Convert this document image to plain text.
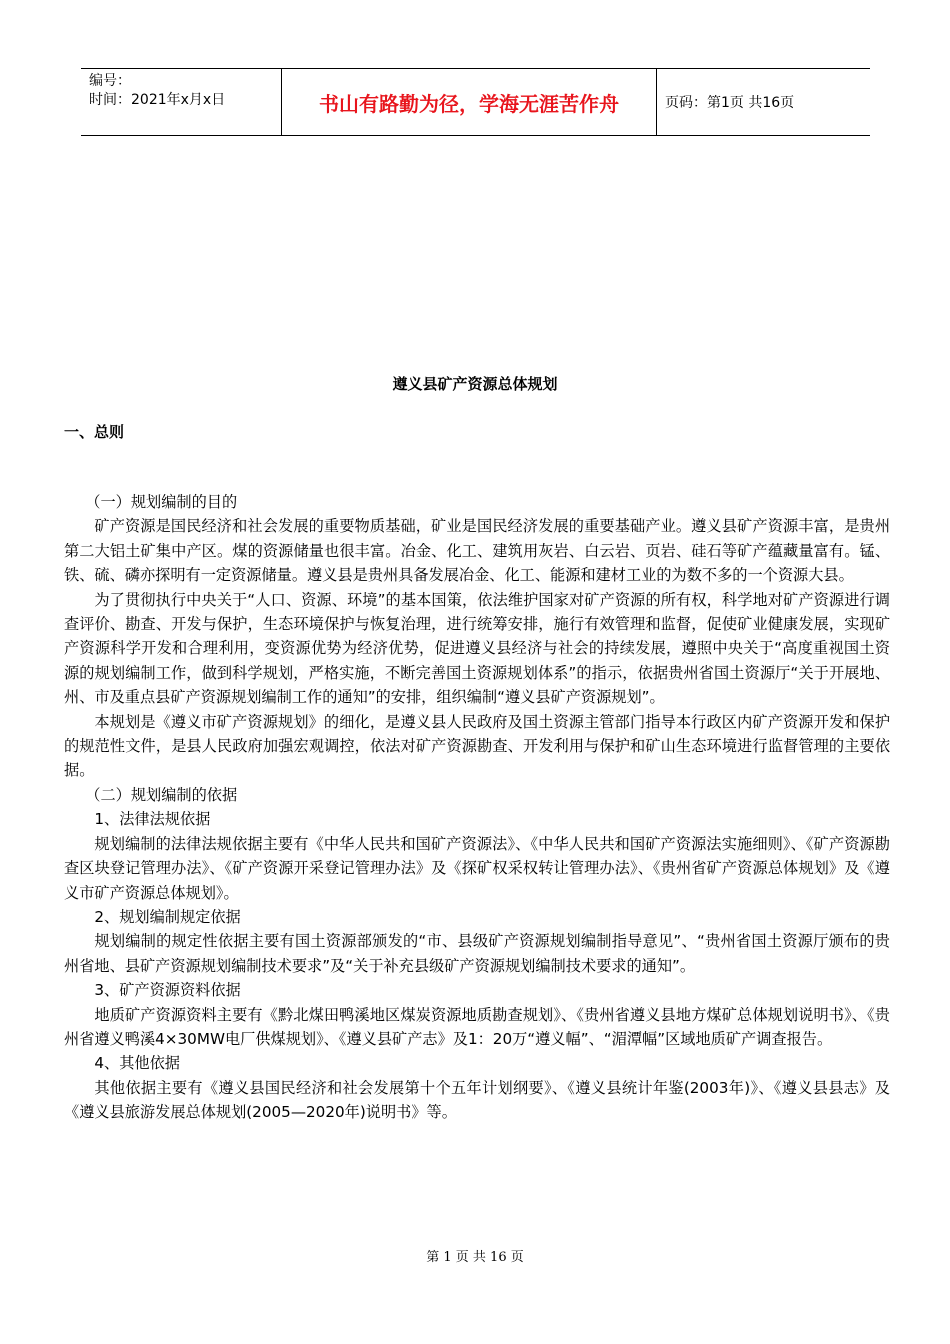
编号：
时间：2021年x月x日	书山有路勤为径，学海无涯苦作舟	页码：第1页 共16页
遵义县矿产资源总体规划
一、总则

（一）规划编制的目的

矿产资源是国民经济和社会发展的重要物质基础，矿业是国民经济发展的重要基础产业。遵义县矿产资源丰富，是贵州第二大铝土矿集中产区。煤的资源储量也很丰富。冶金、化工、建筑用灰岩、白云岩、页岩、硅石等矿产蕴藏量富有。锰、铁、硫、磷亦探明有一定资源储量。遵义县是贵州具备发展冶金、化工、能源和建材工业的为数不多的一个资源大县。

为了贯彻执行中央关于“人口、资源、环境”的基本国策，依法维护国家对矿产资源的所有权，科学地对矿产资源进行调查评价、勘查、开发与保护，生态环境保护与恢复治理，进行统筹安排，施行有效管理和监督，促使矿业健康发展，实现矿产资源科学开发和合理利用，变资源优势为经济优势，促进遵义县经济与社会的持续发展，遵照中央关于“高度重视国土资源的规划编制工作，做到科学规划，严格实施，不断完善国土资源规划体系”的指示，依据贵州省国土资源厅“关于开展地、州、市及重点县矿产资源规划编制工作的通知”的安排，组织编制“遵义县矿产资源规划”。

本规划是《遵义市矿产资源规划》的细化，是遵义县人民政府及国土资源主管部门指导本行政区内矿产资源开发和保护的规范性文件，是县人民政府加强宏观调控，依法对矿产资源勘查、开发利用与保护和矿山生态环境进行监督管理的主要依据。

（二）规划编制的依据

1、法律法规依据

规划编制的法律法规依据主要有《中华人民共和国矿产资源法》、《中华人民共和国矿产资源法实施细则》、《矿产资源勘查区块登记管理办法》、《矿产资源开采登记管理办法》及《探矿权采权转让管理办法》、《贵州省矿产资源总体规划》及《遵义市矿产资源总体规划》。

2、规划编制规定依据

规划编制的规定性依据主要有国土资源部颁发的“市、县级矿产资源规划编制指导意见”、“贵州省国土资源厅颁布的贵州省地、县矿产资源规划编制技术要求”及“关于补充县级矿产资源规划编制技术要求的通知”。

3、矿产资源资料依据

地质矿产资源资料主要有《黔北煤田鸭溪地区煤炭资源地质勘查规划》、《贵州省遵义县地方煤矿总体规划说明书》、《贵州省遵义鸭溪4×30MW电厂供煤规划》、《遵义县矿产志》及1：20万“遵义幅”、“湄潭幅”区域地质矿产调查报告。

4、其他依据

其他依据主要有《遵义县国民经济和社会发展第十个五年计划纲要》、《遵义县统计年鉴(2003年)》、《遵义县县志》及《遵义县旅游发展总体规划(2005—2020年)说明书》等。

第 1 页 共 16 页
